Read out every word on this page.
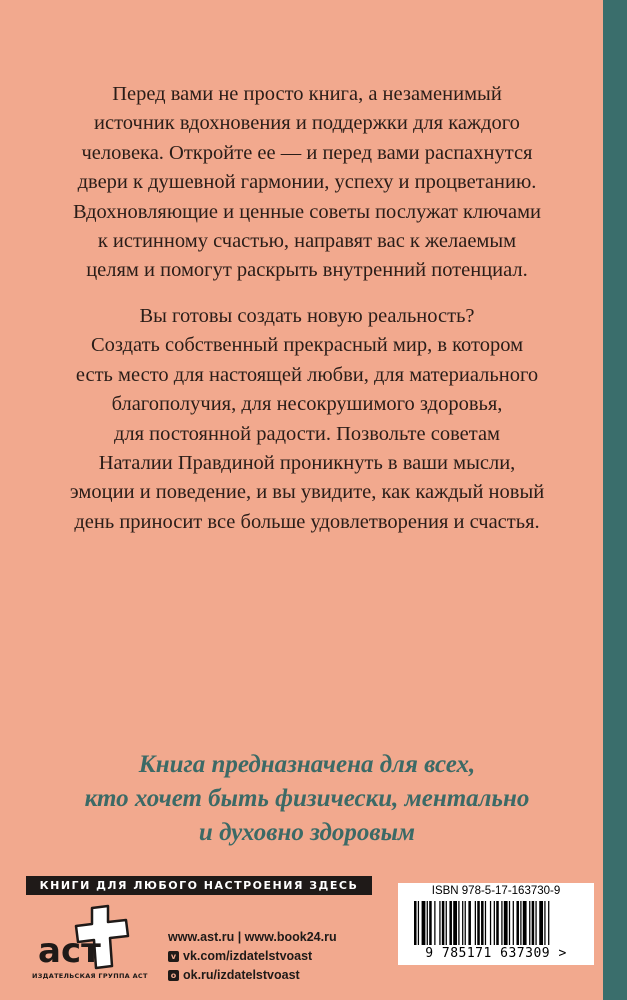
Перед вами не просто книга, а незаменимый
источник вдохновения и поддержки для каждого
человека. Откройте ее — и перед вами распахнутся
двери к душевной гармонии, успеху и процветанию.
Вдохновляющие и ценные советы послужат ключами
к истинному счастью, направят вас к желаемым
целям и помогут раскрыть внутренний потенциал.
Вы готовы создать новую реальность?
Создать собственный прекрасный мир, в котором
есть место для настоящей любви, для материального
благополучия, для несокрушимого здоровья,
для постоянной радости. Позвольте советам
Наталии Правдиной проникнуть в ваши мысли,
эмоции и поведение, и вы увидите, как каждый новый
день приносит все больше удовлетворения и счастья.
Книга предназначена для всех,
кто хочет быть физически, ментально
и духовно здоровым
КНИГИ ДЛЯ ЛЮБОГО НАСТРОЕНИЯ ЗДЕСЬ
аст
ИЗДАТЕЛЬСКАЯ ГРУППА АСТ
www.ast.ru | www.book24.ru
v vk.com/izdatelstvoast
o ok.ru/izdatelstvoast
ISBN 978-5-17-163730-9
9 785171 637309 >
